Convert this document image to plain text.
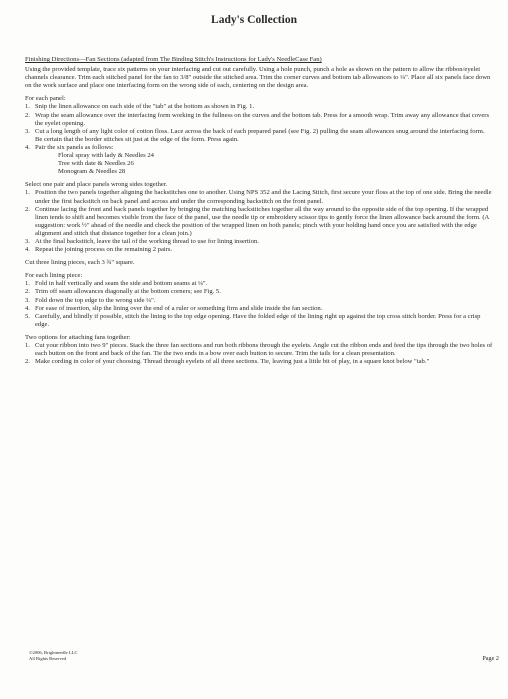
Lady's Collection

Finishing Directions—Fan Sections (adapted from The Binding Stitch's Instructions for Lady's NeedleCase Fan)

Using the provided template, trace six patterns on your interfacing and cut out carefully. Using a hole punch, punch a hole as shown on the pattern to allow the ribbon/eyelet channels clearance. Trim each stitched panel for the fan to 3/8" outside the stitched area. Trim the corner curves and bottom tab allowances to ¼". Place all six panels face down on the work surface and place one interfacing form on the wrong side of each, centering on the design area.

For each panel:

1. Snip the linen allowance on each side of the "tab" at the bottom as shown in Fig. 1.
2. Wrap the seam allowance over the interfacing form working in the fullness on the curves and the bottom tab. Press for a smooth wrap. Trim away any allowance that covers the eyelet opening.
3. Cut a long length of any light color of cotton floss. Lace across the back of each prepared panel (see Fig. 2) pulling the seam allowances snug around the interfacing form. Be certain that the border stitches sit just at the edge of the form. Press again.
4. Pair the six panels as follows:

Floral spray with lady & Needles 24

Tree with date & Needles 26

Monogram & Needles 28

Select one pair and place panels wrong sides together.

1. Position the two panels together aligning the backstitches one to another. Using NPS 352 and the Lacing Stitch, first secure your floss at the top of one side. Bring the needle under the first backstitch on back panel and across and under the corresponding backstitch on the front panel.
2. Continue lacing the front and back panels together by bringing the matching backstitches together all the way around to the opposite side of the top opening. If the wrapped linen tends to shift and becomes visible from the face of the panel, use the needle tip or embroidery scissor tips to gently force the linen allowance back around the form. (A suggestion: work ½" ahead of the needle and check the position of the wrapped linen on both panels; pinch with your holding hand once you are satisfied with the edge alignment and stitch that distance together for a clean join.)
3. At the final backstitch, leave the tail of the working thread to use for lining insertion.
4. Repeat the joining process on the remaining 2 pairs.

Cut three lining pieces, each 3 ¾" square.

For each lining piece:

1. Fold in half vertically and seam the side and bottom seams at ¼".
2. Trim off seam allowances diagonally at the bottom corners; see Fig. 5.
3. Fold down the top edge to the wrong side ¼".
4. For ease of insertion, slip the lining over the end of a ruler or something firm and slide inside the fan section.
5. Carefully, and blindly if possible, stitch the lining to the top edge opening. Have the folded edge of the lining right up against the top cross stitch border. Press for a crisp edge.

Two options for attaching fans together:

1. Cut your ribbon into two 9" pieces. Stack the three fan sections and run both ribbons through the eyelets. Angle cut the ribbon ends and feed the tips through the two holes of each button on the front and back of the fan. Tie the two ends in a bow over each button to secure. Trim the tails for a clean presentation.
2. Make cording in color of your choosing. Thread through eyelets of all three sections. Tie, leaving just a little bit of play, in a square knot below "tab."
©2006, Brightneedle LLC
All Rights Reserved	Page 2
